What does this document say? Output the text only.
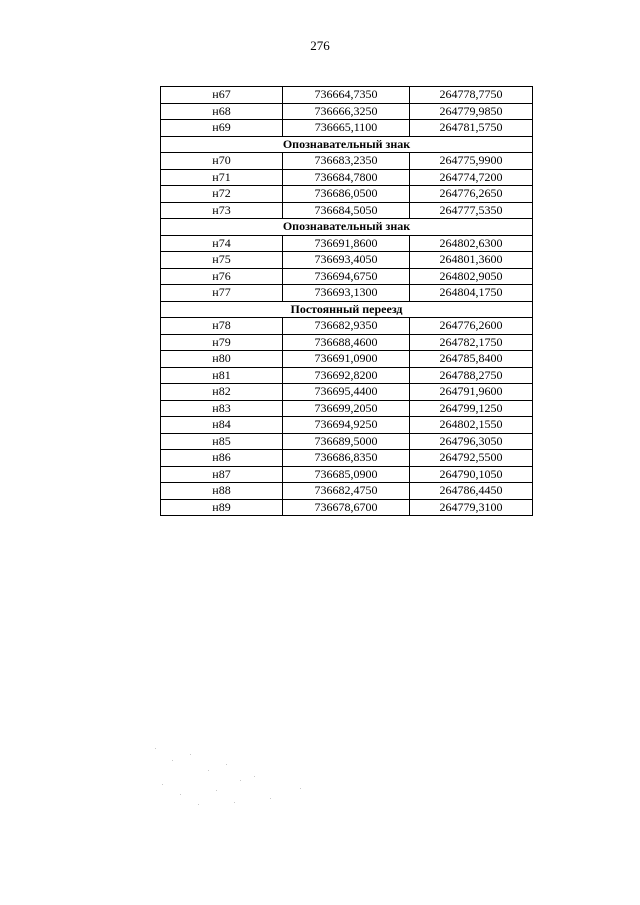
276
н67	736664,7350	264778,7750
н68	736666,3250	264779,9850
н69	736665,1100	264781,5750
Опознавательный знак		
н70	736683,2350	264775,9900
н71	736684,7800	264774,7200
н72	736686,0500	264776,2650
н73	736684,5050	264777,5350
Опознавательный знак		
н74	736691,8600	264802,6300
н75	736693,4050	264801,3600
н76	736694,6750	264802,9050
н77	736693,1300	264804,1750
Постоянный переезд		
н78	736682,9350	264776,2600
н79	736688,4600	264782,1750
н80	736691,0900	264785,8400
н81	736692,8200	264788,2750
н82	736695,4400	264791,9600
н83	736699,2050	264799,1250
н84	736694,9250	264802,1550
н85	736689,5000	264796,3050
н86	736686,8350	264792,5500
н87	736685,0900	264790,1050
н88	736682,4750	264786,4450
н89	736678,6700	264779,3100
